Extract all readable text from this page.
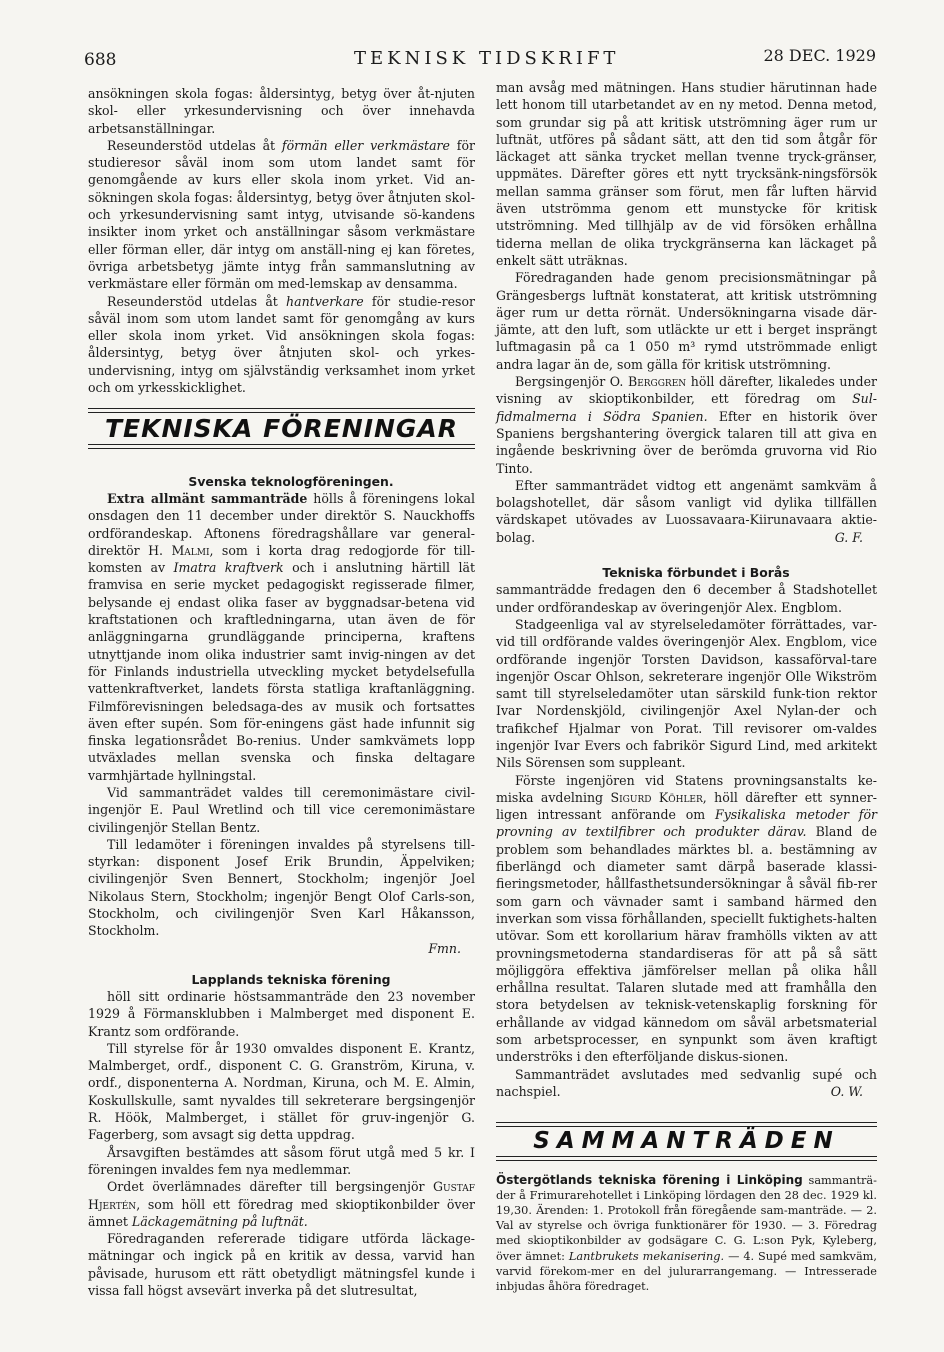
688	TEKNISK TIDSKRIFT	28 DEC. 1929

ansökningen skola fogas: åldersintyg, betyg över åt-njuten skol- eller yrkesundervisning och över innehavda arbetsanställningar.

Reseunderstöd utdelas åt förmän eller verkmästare för studieresor såväl inom som utom landet samt för genomgående av kurs eller skola inom yrket. Vid an-sökningen skola fogas: åldersintyg, betyg över åtnjuten skol- och yrkesundervisning samt intyg, utvisande sö-kandens insikter inom yrket och anställningar såsom verkmästare eller förman eller, där intyg om anställ-ning ej kan företes, övriga arbetsbetyg jämte intyg från sammanslutning av verkmästare eller förmän om med-lemskap av densamma.

Reseunderstöd utdelas åt hantverkare för studie-resor såväl inom som utom landet samt för genomgång av kurs eller skola inom yrket. Vid ansökningen skola fogas: åldersintyg, betyg över åtnjuten skol- och yrkes-undervisning, intyg om självständig verksamhet inom yrket och om yrkesskicklighet.

TEKNISKA FÖRENINGAR

Svenska teknologföreningen.

Extra allmänt sammanträde hölls å föreningens lokal onsdagen den 11 december under direktör S. Nauckhoffs ordförandeskap. Aftonens föredragshållare var general-direktör H. Malmi, som i korta drag redogjorde för till-komsten av Imatra kraftverk och i anslutning härtill lät framvisa en serie mycket pedagogiskt regisserade filmer, belysande ej endast olika faser av byggnadsar-betena vid kraftstationen och kraftledningarna, utan även de för anläggningarna grundläggande principerna, kraftens utnyttjande inom olika industrier samt invig-ningen av det för Finlands industriella utveckling mycket betydelsefulla vattenkraftverket, landets första statliga kraftanläggning. Filmförevisningen beledsaga-des av musik och fortsattes även efter supén. Som för-eningens gäst hade infunnit sig finska legationsrådet Bo-renius. Under samkvämets lopp utväxlades mellan svenska och finska deltagare varmhjärtade hyllningstal.

Vid sammanträdet valdes till ceremonimästare civil-ingenjör E. Paul Wretlind och till vice ceremonimästare civilingenjör Stellan Bentz.

Till ledamöter i föreningen invaldes på styrelsens till-styrkan: disponent Josef Erik Brundin, Äppelviken; civilingenjör Sven Bennert, Stockholm; ingenjör Joel Nikolaus Stern, Stockholm; ingenjör Bengt Olof Carls-son, Stockholm, och civilingenjör Sven Karl Håkansson, Stockholm.

Fmn.

Lapplands tekniska förening

höll sitt ordinarie höstsammanträde den 23 november 1929 å Förmansklubben i Malmberget med disponent E. Krantz som ordförande.

Till styrelse för år 1930 omvaldes disponent E. Krantz, Malmberget, ordf., disponent C. G. Granström, Kiruna, v. ordf., disponenterna A. Nordman, Kiruna, och M. E. Almin, Koskullskulle, samt nyvaldes till sekreterare bergsingenjör R. Höök, Malmberget, i stället för gruv-ingenjör G. Fagerberg, som avsagt sig detta uppdrag.

Årsavgiften bestämdes att såsom förut utgå med 5 kr. I föreningen invaldes fem nya medlemmar.

Ordet överlämnades därefter till bergsingenjör Gustaf Hjertén, som höll ett föredrag med skioptikonbilder över ämnet Läckagemätning på luftnät.

Föredraganden refererade tidigare utförda läckage-mätningar och ingick på en kritik av dessa, varvid han påvisade, hurusom ett rätt obetydligt mätningsfel kunde i vissa fall högst avsevärt inverka på det slutresultat,

man avsåg med mätningen. Hans studier härutinnan hade lett honom till utarbetandet av en ny metod. Denna metod, som grundar sig på att kritisk utströmning äger rum ur luftnät, utföres på sådant sätt, att den tid som åtgår för läckaget att sänka trycket mellan tvenne tryck-gränser, uppmätes. Därefter göres ett nytt trycksänk-ningsförsök mellan samma gränser som förut, men får luften härvid även utströmma genom ett munstycke för kritisk utströmning. Med tillhjälp av de vid försöken erhållna tiderna mellan de olika tryckgränserna kan läckaget på enkelt sätt uträknas.

Föredraganden hade genom precisionsmätningar på Grängesbergs luftnät konstaterat, att kritisk utströmning äger rum ur detta rörnät. Undersökningarna visade där-jämte, att den luft, som utläckte ur ett i berget insprängt luftmagasin på ca 1 050 m³ rymd utströmmade enligt andra lagar än de, som gälla för kritisk utströmning.

Bergsingenjör O. Berggren höll därefter, likaledes under visning av skioptikonbilder, ett föredrag om Sul-fidmalmerna i Södra Spanien. Efter en historik över Spaniens bergshantering övergick talaren till att giva en ingående beskrivning över de berömda gruvorna vid Rio Tinto.

Efter sammanträdet vidtog ett angenämt samkväm å bolagshotellet, där såsom vanligt vid dylika tillfällen värdskapet utövades av Luossavaara-Kiirunavaara aktie-bolag.	G. F.

Tekniska förbundet i Borås

sammanträdde fredagen den 6 december å Stadshotellet under ordförandeskap av överingenjör Alex. Engblom.

Stadgeenliga val av styrelseledamöter förrättades, var-vid till ordförande valdes överingenjör Alex. Engblom, vice ordförande ingenjör Torsten Davidson, kassaförval-tare ingenjör Oscar Ohlson, sekreterare ingenjör Olle Wikström samt till styrelseledamöter utan särskild funk-tion rektor Ivar Nordenskjöld, civilingenjör Axel Nylan-der och trafikchef Hjalmar von Porat. Till revisorer om-valdes ingenjör Ivar Evers och fabrikör Sigurd Lind, med arkitekt Nils Sörensen som suppleant.

Förste ingenjören vid Statens provningsanstalts ke-miska avdelning Sigurd Köhler, höll därefter ett synner-ligen intressant anförande om Fysikaliska metoder för provning av textilfibrer och produkter därav. Bland de problem som behandlades märktes bl. a. bestämning av fiberlängd och diameter samt därpå baserade klassi-fieringsmetoder, hållfasthetsundersökningar å såväl fib-rer som garn och vävnader samt i samband härmed den inverkan som vissa förhållanden, speciellt fuktighets-halten utövar. Som ett korollarium härav framhölls vikten av att provningsmetoderna standardiseras för att på så sätt möjliggöra effektiva jämförelser mellan på olika håll erhållna resultat. Talaren slutade med att framhålla den stora betydelsen av teknisk-vetenskaplig forskning för erhållande av vidgad kännedom om såväl arbetsmaterial som arbetsprocesser, en synpunkt som även kraftigt underströks i den efterföljande diskus-sionen.

Sammanträdet avslutades med sedvanlig supé och nachspiel.	O. W.

SAMMANTRÄDEN

Östergötlands tekniska förening i Linköping sammanträ-der å Frimurarehotellet i Linköping lördagen den 28 dec. 1929 kl. 19,30. Ärenden: 1. Protokoll från föregående sam-manträde. — 2. Val av styrelse och övriga funktionärer för 1930. — 3. Föredrag med skioptikonbilder av godsägare C. G. L:son Pyk, Kyleberg, över ämnet: Lantbrukets mekanisering. — 4. Supé med samkväm, varvid förekom-mer en del julurarrangemang. — Intresserade inbjudas åhöra föredraget.
